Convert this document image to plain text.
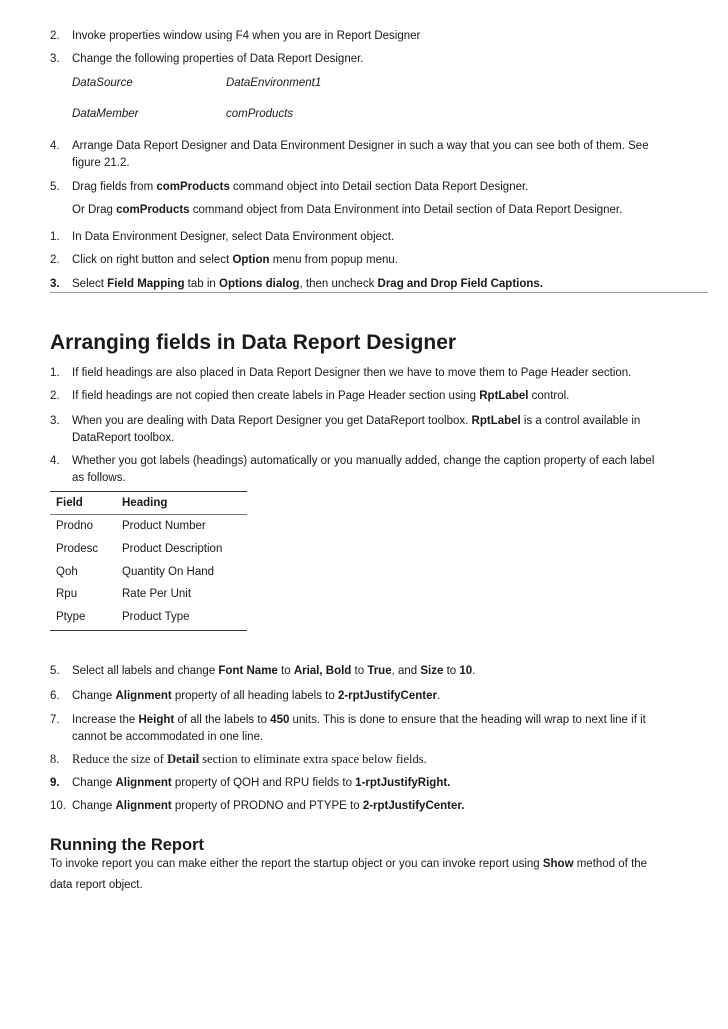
2. Invoke properties window using F4 when you are in Report Designer
3. Change the following properties of Data Report Designer.
DataSource	DataEnvironment1
DataMember	comProducts
4. Arrange Data Report Designer and Data Environment Designer in such a way that you can see both of them. See
figure 21.2.
5. Drag fields from comProducts command object into Detail section Data Report Designer.
Or Drag comProducts command object from Data Environment into Detail section of Data Report Designer.
1. In Data Environment Designer, select Data Environment object.
2. Click on right button and select Option menu from popup menu.
3. Select Field Mapping tab in Options dialog, then uncheck Drag and Drop Field Captions.
Arranging fields in Data Report Designer
1. If field headings are also placed in Data Report Designer then we have to move them to Page Header section.
2. If field headings are not copied then create labels in Page Header section using RptLabel control.
3. When you are dealing with Data Report Designer you get DataReport toolbox. RptLabel is a control available in
DataReport toolbox.
4. Whether you got labels (headings) automatically or you manually added, change the caption property of each label
as follows.
Field	Heading
Prodno	Product Number
Prodesc Product Description
Qoh	Quantity On Hand
Rpu	Rate Per Unit
Ptype	Product Type
5. Select all labels and change Font Name to Arial, Bold to True, and Size to 10.
6. Change Alignment property of all heading labels to 2-rptJustifyCenter.
7. Increase the Height of all the labels to 450 units. This is done to ensure that the heading will wrap to next line if it
cannot be accommodated in one line.
8. Reduce the size of Detail section to eliminate extra space below fields.
9. Change Alignment property of QOH and RPU fields to 1-rptJustifyRight.
10. Change Alignment property of PRODNO and PTYPE to 2-rptJustifyCenter.
Running the Report
To invoke report you can make either the report the startup object or you can invoke report using Show method of the
data report object.
